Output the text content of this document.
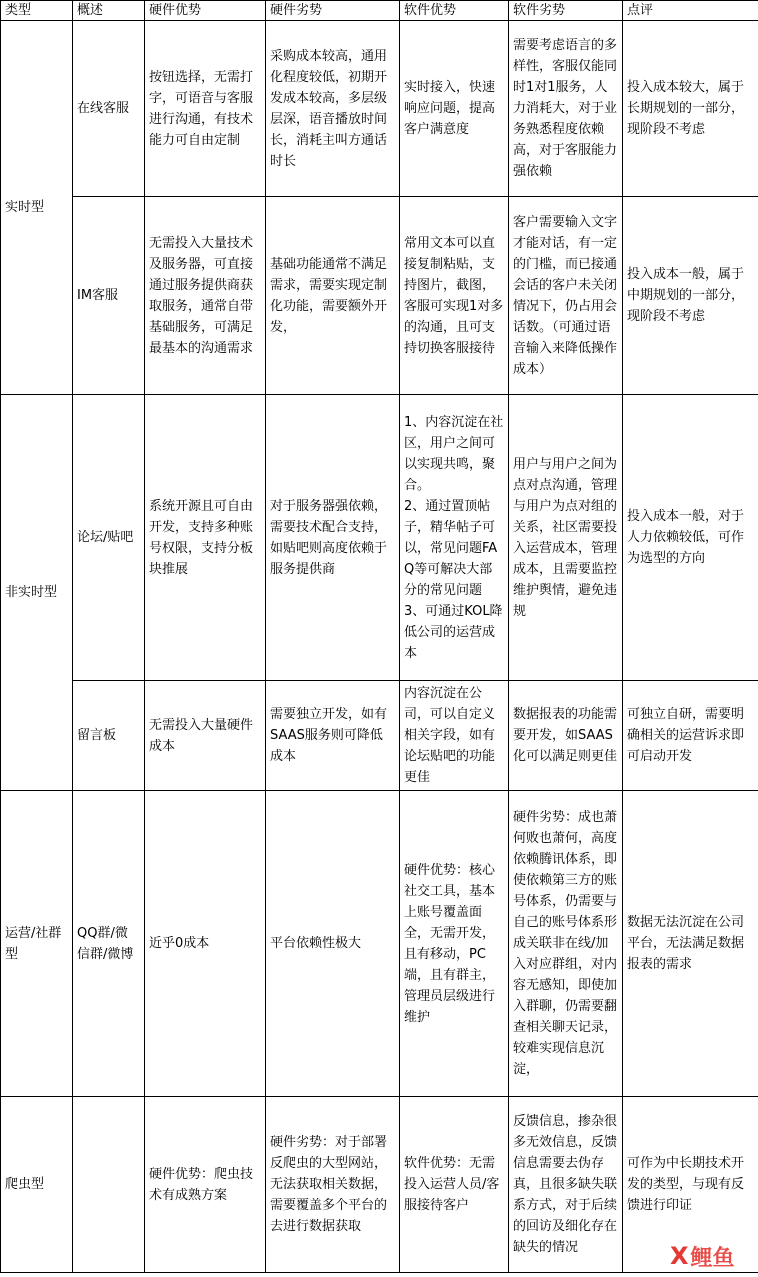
类型	概述	硬件优势	硬件劣势	软件优势	软件劣势	点评
实时型	在线客服	按钮选择，无需打字，可语音与客服进行沟通，有技术能力可自由定制	采购成本较高，通用化程度较低，初期开发成本较高，多层级层深，语音播放时间长，消耗主叫方通话时长	实时接入，快速响应问题，提高客户满意度	需要考虑语言的多样性，客服仅能同时1对1服务，人力消耗大，对于业务熟悉程度依赖高，对于客服能力强依赖	投入成本较大，属于长期规划的一部分，现阶段不考虑
	IM客服	无需投入大量技术及服务器，可直接通过服务提供商获取服务，通常自带基础服务，可满足最基本的沟通需求	基础功能通常不满足需求，需要实现定制化功能，需要额外开发，	常用文本可以直接复制粘贴，支持图片，截图，客服可实现1对多的沟通，且可支持切换客服接待	客户需要输入文字才能对话，有一定的门槛，而已接通会话的客户未关闭情况下，仍占用会话数。（可通过语音输入来降低操作成本）	投入成本一般，属于中期规划的一部分，现阶段不考虑
非实时型	论坛/贴吧	系统开源且可自由开发，支持多种账号权限，支持分板块推展	对于服务器强依赖，需要技术配合支持，如贴吧则高度依赖于服务提供商	1、内容沉淀在社区，用户之间可以实现共鸣，聚合。
2、通过置顶帖子，精华帖子可以，常见问题FAQ等可解决大部分的常见问题
3、可通过KOL降低公司的运营成本	用户与用户之间为点对点沟通，管理与用户为点对组的关系，社区需要投入运营成本，管理成本，且需要监控维护舆情，避免违规	投入成本一般，对于人力依赖较低，可作为选型的方向
	留言板	无需投入大量硬件成本	需要独立开发，如有SAAS服务则可降低成本	内容沉淀在公司，可以自定义相关字段，如有论坛贴吧的功能更佳	数据报表的功能需要开发，如SAAS化可以满足则更佳	可独立自研，需要明确相关的运营诉求即可启动开发
运营/社群型	QQ群/微信群/微博	近乎0成本	平台依赖性极大	硬件优势：核心社交工具，基本上账号覆盖面全，无需开发，且有移动，PC端，且有群主，管理员层级进行维护	硬件劣势：成也萧何败也萧何，高度依赖腾讯体系，即使依赖第三方的账号体系，仍需要与自己的账号体系形成关联非在线/加入对应群组，对内容无感知，即使加入群聊，仍需要翻查相关聊天记录，较难实现信息沉淀，	数据无法沉淀在公司平台，无法满足数据报表的需求
爬虫型		硬件优势：爬虫技术有成熟方案	硬件劣势：对于部署反爬虫的大型网站，无法获取相关数据，需要覆盖多个平台的去进行数据获取	软件优势：无需投入运营人员/客服接待客户	反馈信息，掺杂很多无效信息，反馈信息需要去伪存真，且很多缺失联系方式，对于后续的回访及细化存在缺失的情况	可作为中长期技术开发的类型，与现有反馈进行印证
X 鲤鱼
